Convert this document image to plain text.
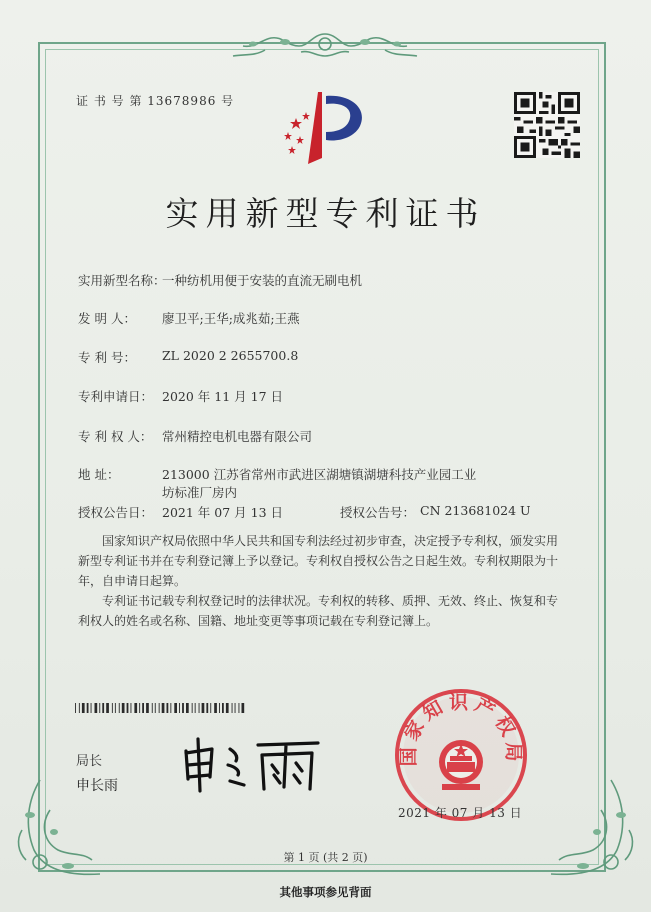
证 书 号 第 13678986 号
实用新型专利证书
实用新型名称：
一种纺机用便于安装的直流无刷电机
发 明 人： 廖卫平;王华;成兆茹;王燕
专 利 号： ZL 2020 2 2655700.8
专利申请日： 2020 年 11 月 17 日
专 利 权 人： 常州精控电机电器有限公司
地 址：	213000 江苏省常州市武进区湖塘镇湖塘科技产业园工业
坊标准厂房内
授权公告日： 2021 年 07 月 13 日	授权公告号： CN 213681024 U
国家知识产权局依照中华人民共和国专利法经过初步审查，决定授予专利权，颁发实用
新型专利证书并在专利登记簿上予以登记。专利权自授权公告之日起生效。专利权期限为十
年，自申请日起算。
专利证书记载专利权登记时的法律状况。专利权的转移、质押、无效、终止、恢复和专
利权人的姓名或名称、国籍、地址变更等事项记载在专利登记簿上。
局长
申长雨
国家知识产权局
2021 年 07 月 13 日
第 1 页 (共 2 页)
其他事项参见背面
